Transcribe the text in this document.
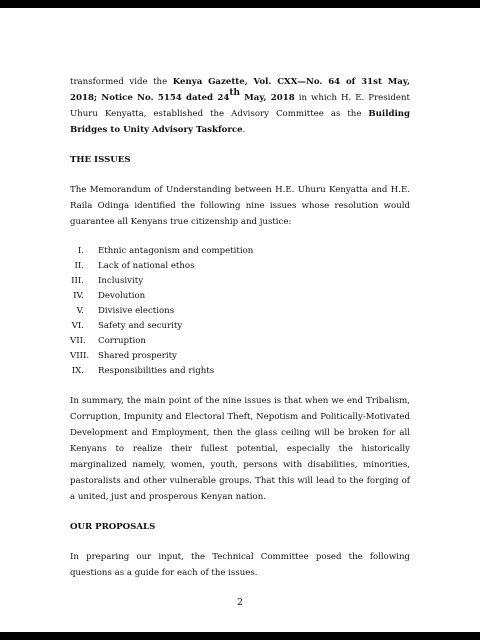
transformed vide the Kenya Gazette, Vol. CXX—No. 64 of 31st May, 2018; Notice No. 5154 dated 24th May, 2018 in which H. E. President Uhuru Kenyatta, established the Advisory Committee as the Building Bridges to Unity Advisory Taskforce.

THE ISSUES

The Memorandum of Understanding between H.E. Uhuru Kenyatta and H.E. Raila Odinga identified the following nine issues whose resolution would guarantee all Kenyans true citizenship and justice:

I. Ethnic antagonism and competition
II. Lack of national ethos
III. Inclusivity
IV. Devolution
V. Divisive elections
VI. Safety and security
VII. Corruption
VIII. Shared prosperity
IX. Responsibilities and rights

In summary, the main point of the nine issues is that when we end Tribalism, Corruption, Impunity and Electoral Theft, Nepotism and Politically-Motivated Development and Employment, then the glass ceiling will be broken for all Kenyans to realize their fullest potential, especially the historically marginalized namely, women, youth, persons with disabilities, minorities, pastoralists and other vulnerable groups. That this will lead to the forging of a united, just and prosperous Kenyan nation.

OUR PROPOSALS

In preparing our input, the Technical Committee posed the following questions as a guide for each of the issues.

2
